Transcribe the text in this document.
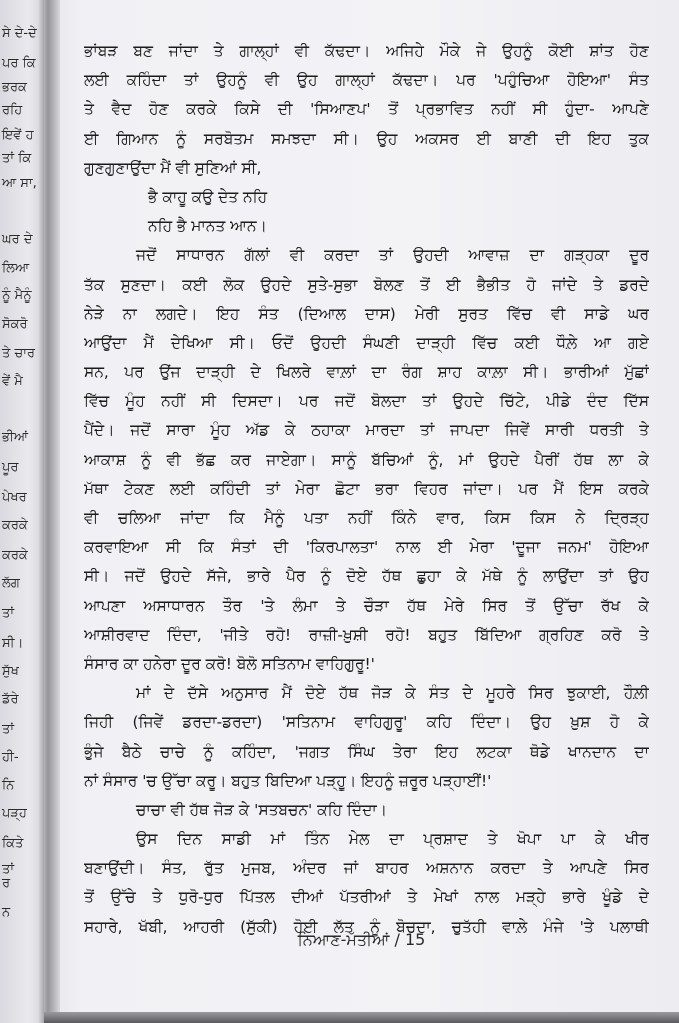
ਸੇ ਦੇ-ਦੇ
ਪਰ ਕਿ
ਭਰਕ
ਰਹਿ
ਇਵੇਂ ਹ
ਤਾਂ ਕਿ
ਆ ਸਾ,
ਘਰ ਦੇ
ਲਿਆ
ਨੂੰ ਮੈਨੂੰ
ਸੋਕਰੋ
ਤੇ ਚਾਰ
ਵੇਂ ਮੈ
ਭੀਆਂ
ਪੂਰ
ਪੇਖਰ
ਕਰਕੇ
ਕਰਕੇ
ਲੱਗ
ਤਾਂ
ਸੀ।
ਸੁੱਖ
ਡੱਰੇ
ਤਾਂ
ਹੀ-
ਨਿ
ਪੜ੍ਹ
ਕਿਤੇ
ਤਾਂ
ਰ
ਨ
ਭਾਂਬੜ ਬਣ ਜਾਂਦਾ ਤੇ ਗਾਲ੍ਹਾਂ ਵੀ ਕੱਢਦਾ। ਅਜਿਹੇ ਮੌਕੇ ਜੇ ਉਹਨੂੰ ਕੋਈ ਸ਼ਾਂਤ ਹੋਣ
ਲਈ ਕਹਿੰਦਾ ਤਾਂ ਉਹਨੂੰ ਵੀ ਉਹ ਗਾਲ੍ਹਾਂ ਕੱਢਦਾ। ਪਰ 'ਪਹੁੰਚਿਆ ਹੋਇਆ' ਸੰਤ
ਤੇ ਵੈਦ ਹੋਣ ਕਰਕੇ ਕਿਸੇ ਦੀ 'ਸਿਆਣਪ' ਤੋਂ ਪ੍ਰਭਾਵਿਤ ਨਹੀਂ ਸੀ ਹੁੰਦਾ- ਆਪਣੇ
ਈ ਗਿਆਨ ਨੂੰ ਸਰਬੋਤਮ ਸਮਝਦਾ ਸੀ। ਉਹ ਅਕਸਰ ਈ ਬਾਣੀ ਦੀ ਇਹ ਤੁਕ
ਗੁਣਗੁਣਾਉਂਦਾ ਮੈਂ ਵੀ ਸੁਣਿਆਂ ਸੀ,
ਭੈ ਕਾਹੂ ਕਉ ਦੇਤ ਨਹਿ
ਨਹਿ ਭੈ ਮਾਨਤ ਆਨ।
ਜਦੋਂ ਸਾਧਾਰਨ ਗੱਲਾਂ ਵੀ ਕਰਦਾ ਤਾਂ ਉਹਦੀ ਆਵਾਜ਼ ਦਾ ਗੜ੍ਹਕਾ ਦੂਰ
ਤੱਕ ਸੁਣਦਾ। ਕਈ ਲੋਕ ਉਹਦੇ ਸੁਤੇ-ਸੁਭਾ ਬੋਲਣ ਤੋਂ ਈ ਭੈਭੀਤ ਹੋ ਜਾਂਦੇ ਤੇ ਡਰਦੇ
ਨੇੜੇ ਨਾ ਲਗਦੇ। ਇਹ ਸੰਤ (ਦਿਆਲ ਦਾਸ) ਮੇਰੀ ਸੁਰਤ ਵਿੱਚ ਵੀ ਸਾਡੇ ਘਰ
ਆਉਂਦਾ ਮੈਂ ਦੇਖਿਆ ਸੀ। ਓਦੋਂ ਉਹਦੀ ਸੰਘਣੀ ਦਾੜ੍ਹੀ ਵਿੱਚ ਕਈ ਧੌਲ਼ੇ ਆ ਗਏ
ਸਨ, ਪਰ ਉਂਜ ਦਾੜ੍ਹੀ ਦੇ ਖਿਲਰੇ ਵਾਲ਼ਾਂ ਦਾ ਰੰਗ ਸ਼ਾਹ ਕਾਲ਼ਾ ਸੀ। ਭਾਰੀਆਂ ਮੁੱਛਾਂ
ਵਿੱਚ ਮੂੰਹ ਨਹੀਂ ਸੀ ਦਿਸਦਾ। ਪਰ ਜਦੋਂ ਬੋਲਦਾ ਤਾਂ ਉਹਦੇ ਚਿੱਟੇ, ਪੀਡੇ ਦੰਦ ਦਿੱਸ
ਪੈਂਦੇ। ਜਦੋਂ ਸਾਰਾ ਮੂੰਹ ਅੱਡ ਕੇ ਠਹਾਕਾ ਮਾਰਦਾ ਤਾਂ ਜਾਪਦਾ ਜਿਵੇਂ ਸਾਰੀ ਧਰਤੀ ਤੇ
ਆਕਾਸ਼ ਨੂੰ ਵੀ ਭੱਛ ਕਰ ਜਾਏਗਾ। ਸਾਨੂੰ ਬੱਚਿਆਂ ਨੂੰ, ਮਾਂ ਉਹਦੇ ਪੈਰੀਂ ਹੱਥ ਲਾ ਕੇ
ਮੱਥਾ ਟੇਕਣ ਲਈ ਕਹਿੰਦੀ ਤਾਂ ਮੇਰਾ ਛੋਟਾ ਭਰਾ ਵਿਹਰ ਜਾਂਦਾ। ਪਰ ਮੈਂ ਇਸ ਕਰਕੇ
ਵੀ ਚਲਿਆ ਜਾਂਦਾ ਕਿ ਮੈਨੂੰ ਪਤਾ ਨਹੀਂ ਕਿੰਨੇ ਵਾਰ, ਕਿਸ ਕਿਸ ਨੇ ਦ੍ਰਿੜ੍ਹ
ਕਰਵਾਇਆ ਸੀ ਕਿ ਸੰਤਾਂ ਦੀ 'ਕਿਰਪਾਲਤਾ' ਨਾਲ ਈ ਮੇਰਾ 'ਦੂਜਾ ਜਨਮ' ਹੋਇਆ
ਸੀ। ਜਦੋਂ ਉਹਦੇ ਸੱਜੇ, ਭਾਰੇ ਪੈਰ ਨੂੰ ਦੋਏ ਹੱਥ ਛੁਹਾ ਕੇ ਮੱਥੇ ਨੂੰ ਲਾਉਂਦਾ ਤਾਂ ਉਹ
ਆਪਣਾ ਅਸਾਧਾਰਨ ਤੌਰ 'ਤੇ ਲੰਮਾ ਤੇ ਚੌੜਾ ਹੱਥ ਮੇਰੇ ਸਿਰ ਤੋਂ ਉੱਚਾ ਰੱਖ ਕੇ
ਆਸ਼ੀਰਵਾਦ ਦਿੰਦਾ, 'ਜੀਤੇ ਰਹੋ! ਰਾਜ਼ੀ-ਖ਼ੁਸ਼ੀ ਰਹੋ! ਬਹੁਤ ਬਿੱਦਿਆ ਗ੍ਰਹਿਣ ਕਰੋ ਤੇ
ਸੰਸਾਰ ਕਾ ਹਨੇਰਾ ਦੂਰ ਕਰੋ! ਬੋਲੋ ਸਤਿਨਾਮ ਵਾਹਿਗੁਰੂ!'
ਮਾਂ ਦੇ ਦੱਸੇ ਅਨੁਸਾਰ ਮੈਂ ਦੋਏ ਹੱਥ ਜੋੜ ਕੇ ਸੰਤ ਦੇ ਮੂਹਰੇ ਸਿਰ ਝੁਕਾਈ, ਹੌਲ਼ੀ
ਜਿਹੀ (ਜਿਵੇਂ ਡਰਦਾ-ਡਰਦਾ) 'ਸਤਿਨਾਮ ਵਾਹਿਗੁਰੂ' ਕਹਿ ਦਿੰਦਾ। ਉਹ ਖ਼ੁਸ਼ ਹੋ ਕੇ
ਭੁੰਜੇ ਬੈਠੇ ਚਾਚੇ ਨੂੰ ਕਹਿੰਦਾ, 'ਜਗਤ ਸਿੰਘ ਤੇਰਾ ਇਹ ਲਟਕਾ ਥੋਡੇ ਖਾਨਦਾਨ ਦਾ
ਨਾਂ ਸੰਸਾਰ 'ਚ ਉੱਚਾ ਕਰੂ। ਬਹੁਤ ਬਿਦਿਆ ਪੜ੍ਹੂ। ਇਹਨੂੰ ਜ਼ਰੂਰ ਪੜ੍ਹਾਈਂ!'
ਚਾਚਾ ਵੀ ਹੱਥ ਜੋੜ ਕੇ 'ਸਤਬਚਨ' ਕਹਿ ਦਿੰਦਾ।
ਉਸ ਦਿਨ ਸਾਡੀ ਮਾਂ ਤਿੰਨ ਮੇਲ ਦਾ ਪ੍ਰਸ਼ਾਦ ਤੇ ਖੋਪਾ ਪਾ ਕੇ ਖੀਰ
ਬਣਾਉਂਦੀ। ਸੰਤ, ਰੁੱਤ ਮੁਜਬ, ਅੰਦਰ ਜਾਂ ਬਾਹਰ ਅਸ਼ਨਾਨ ਕਰਦਾ ਤੇ ਆਪਣੇ ਸਿਰ
ਤੋਂ ਉੱਚੇ ਤੇ ਧੁਰੋ-ਧੁਰ ਪਿੱਤਲ ਦੀਆਂ ਪੱਤਰੀਆਂ ਤੇ ਮੇਖਾਂ ਨਾਲ ਮੜ੍ਹੇ ਭਾਰੇ ਖੂੰਡੇ ਦੇ
ਸਹਾਰੇ, ਖੱਬੀ, ਆਹਰੀ (ਸੁੱਕੀ) ਹੋਈ ਲੱਤ ਨੂੰ ਬੋਚਦਾ, ਚੁਤੱਹੀ ਵਾਲ਼ੇ ਮੰਜੇ 'ਤੇ ਪਲਾਥੀ
ਨਿਆਣ-ਮੱਤੀਆਂ / 15
